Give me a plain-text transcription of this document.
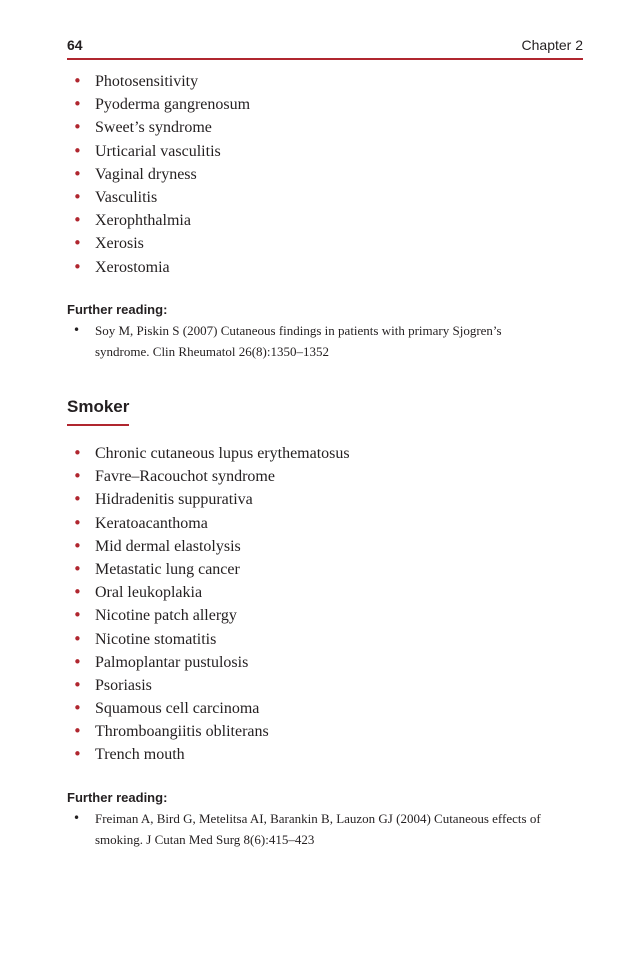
64	Chapter 2
• Photosensitivity
• Pyoderma gangrenosum
• Sweet’s syndrome
• Urticarial vasculitis
• Vaginal dryness
• Vasculitis
• Xerophthalmia
• Xerosis
• Xerostomia
Further reading:
• Soy M, Piskin S (2007) Cutaneous findings in patients with primary Sjogren’s
syndrome. Clin Rheumatol 26(8):1350–1352
Smoker
• Chronic cutaneous lupus erythematosus
• Favre–Racouchot syndrome
• Hidradenitis suppurativa
• Keratoacanthoma
• Mid dermal elastolysis
• Metastatic lung cancer
• Oral leukoplakia
• Nicotine patch allergy
• Nicotine stomatitis
• Palmoplantar pustulosis
• Psoriasis
• Squamous cell carcinoma
• Thromboangiitis obliterans
• Trench mouth
Further reading:
• Freiman A, Bird G, Metelitsa AI, Barankin B, Lauzon GJ (2004) Cutaneous effects of
smoking. J Cutan Med Surg 8(6):415–423
